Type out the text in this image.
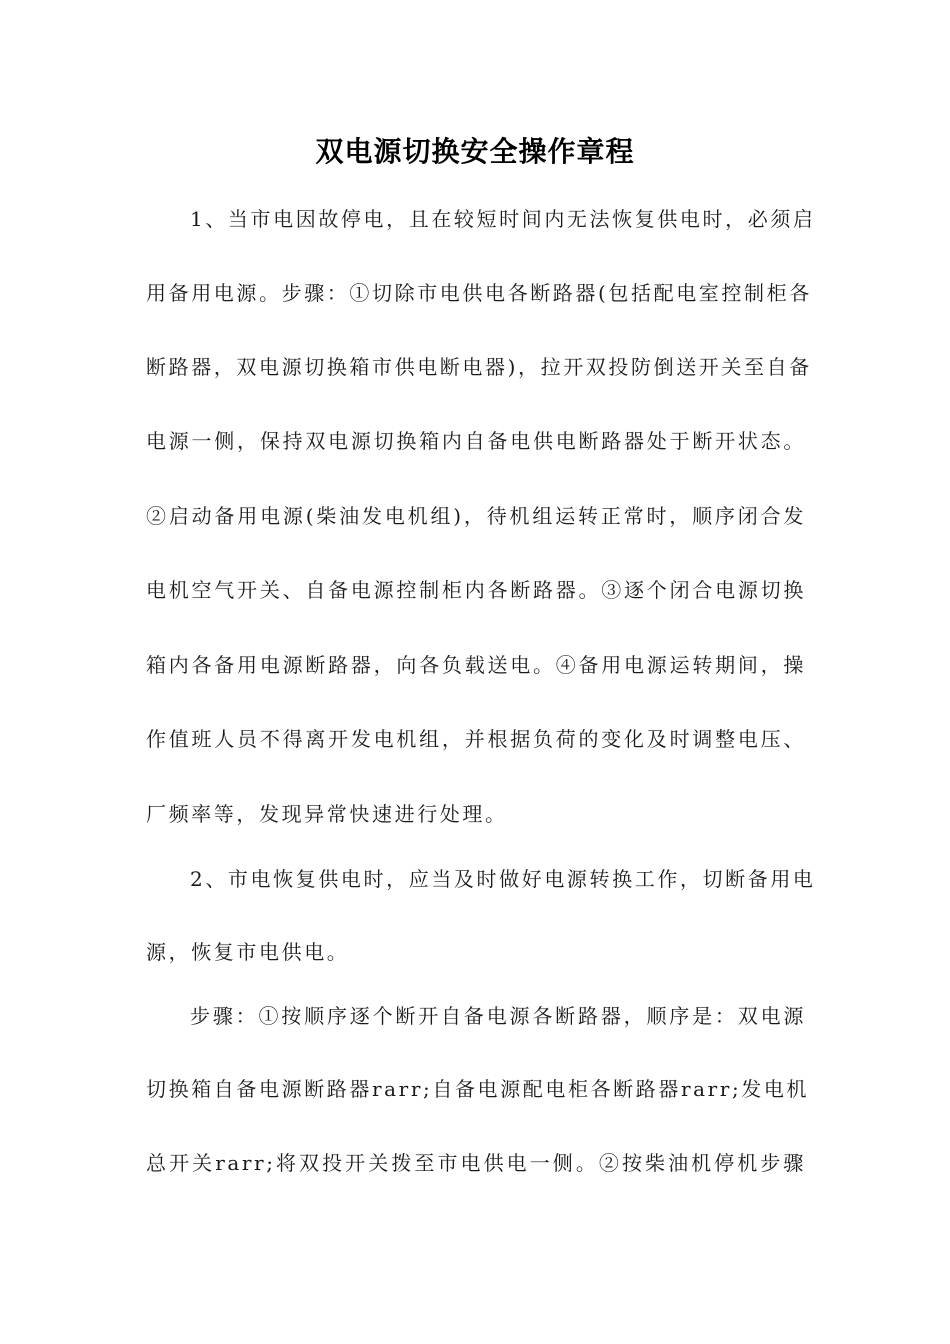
双电源切换安全操作章程
1、当市电因故停电，且在较短时间内无法恢复供电时，必须启
用备用电源。步骤：①切除市电供电各断路器(包括配电室控制柜各
断路器，双电源切换箱市供电断电器)，拉开双投防倒送开关至自备
电源一侧，保持双电源切换箱内自备电供电断路器处于断开状态。
②启动备用电源(柴油发电机组)，待机组运转正常时，顺序闭合发
电机空气开关、自备电源控制柜内各断路器。③逐个闭合电源切换
箱内各备用电源断路器，向各负载送电。④备用电源运转期间，操
作值班人员不得离开发电机组，并根据负荷的变化及时调整电压、
厂频率等，发现异常快速进行处理。
2、市电恢复供电时，应当及时做好电源转换工作，切断备用电
源，恢复市电供电。
步骤：①按顺序逐个断开自备电源各断路器，顺序是：双电源
切换箱自备电源断路器rarr;自备电源配电柜各断路器rarr;发电机
总开关rarr;将双投开关拨至市电供电一侧。②按柴油机停机步骤
